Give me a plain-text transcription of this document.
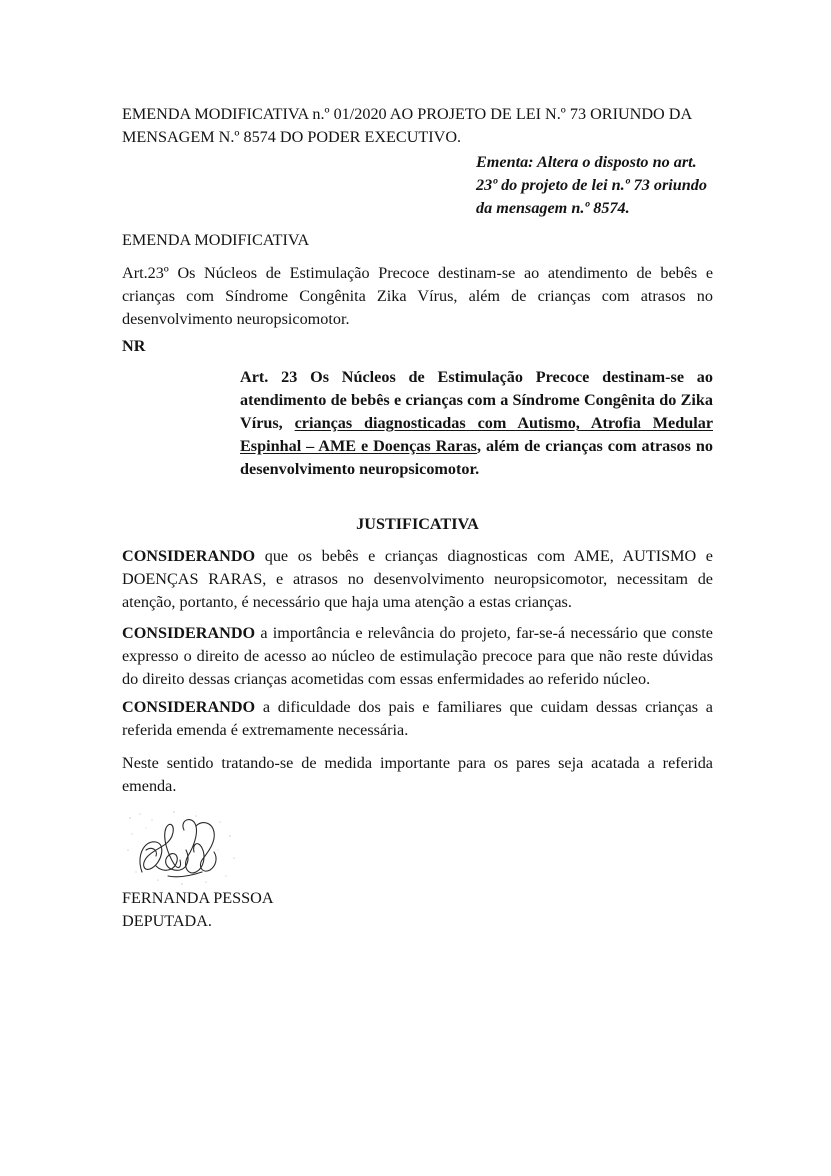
EMENDA MODIFICATIVA n.º 01/2020 AO PROJETO DE LEI N.º 73 ORIUNDO DA
MENSAGEM N.º 8574 DO PODER EXECUTIVO.
Ementa: Altera o disposto no art.
23º do projeto de lei n.º 73 oriundo
da mensagem n.º 8574.
EMENDA MODIFICATIVA

Art.23º Os Núcleos de Estimulação Precoce destinam-se ao atendimento de bebês e crianças com Síndrome Congênita Zika Vírus, além de crianças com atrasos no desenvolvimento neuropsicomotor.

NR

Art. 23 Os Núcleos de Estimulação Precoce destinam-se ao atendimento de bebês e crianças com a Síndrome Congênita do Zika Vírus, crianças diagnosticadas com Autismo, Atrofia Medular Espinhal – AME e Doenças Raras, além de crianças com atrasos no desenvolvimento neuropsicomotor.

JUSTIFICATIVA

CONSIDERANDO que os bebês e crianças diagnosticas com AME, AUTISMO e DOENÇAS RARAS, e atrasos no desenvolvimento neuropsicomotor, necessitam de atenção, portanto, é necessário que haja uma atenção a estas crianças.

CONSIDERANDO a importância e relevância do projeto, far-se-á necessário que conste expresso o direito de acesso ao núcleo de estimulação precoce para que não reste dúvidas do direito dessas crianças acometidas com essas enfermidades ao referido núcleo.

CONSIDERANDO a dificuldade dos pais e familiares que cuidam dessas crianças a referida emenda é extremamente necessária.

Neste sentido tratando-se de medida importante para os pares seja acatada a referida emenda.

FERNANDA PESSOA
DEPUTADA.
